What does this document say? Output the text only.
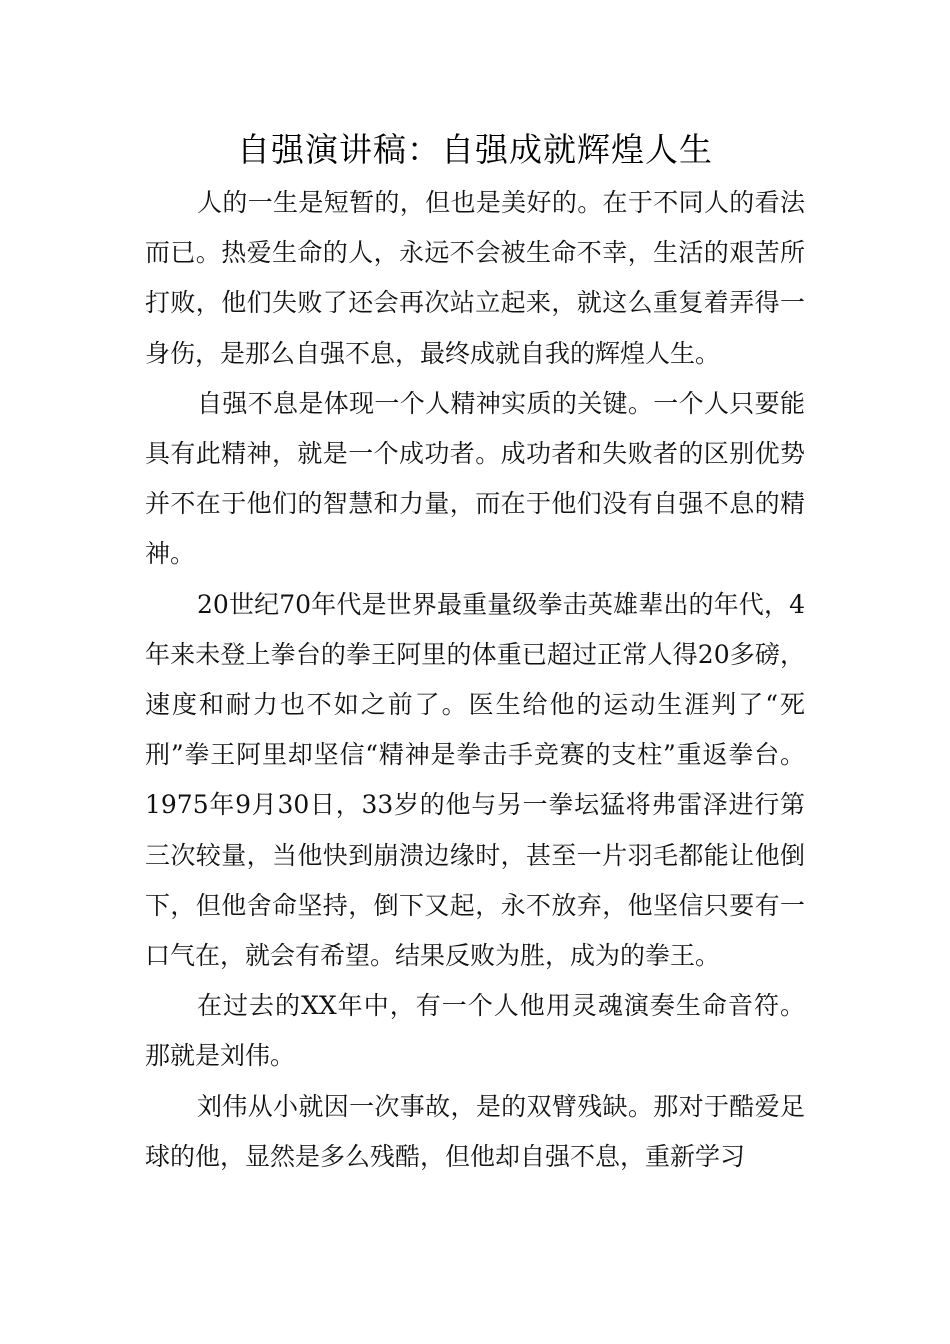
自强演讲稿：自强成就辉煌人生

人的一生是短暂的，但也是美好的。在于不同人的看法而已。热爱生命的人，永远不会被生命不幸，生活的艰苦所打败，他们失败了还会再次站立起来，就这么重复着弄得一身伤，是那么自强不息，最终成就自我的辉煌人生。

自强不息是体现一个人精神实质的关键。一个人只要能具有此精神，就是一个成功者。成功者和失败者的区别优势并不在于他们的智慧和力量，而在于他们没有自强不息的精神。

20世纪70年代是世界最重量级拳击英雄辈出的年代，4年来未登上拳台的拳王阿里的体重已超过正常人得20多磅，速度和耐力也不如之前了。医生给他的运动生涯判了“死刑”拳王阿里却坚信“精神是拳击手竞赛的支柱”重返拳台。 1975年9月30日，33岁的他与另一拳坛猛将弗雷泽进行第三次较量，当他快到崩溃边缘时，甚至一片羽毛都能让他倒下，但他舍命坚持，倒下又起，永不放弃，他坚信只要有一口气在，就会有希望。结果反败为胜，成为的拳王。

在过去的XX年中，有一个人他用灵魂演奏生命音符。那就是刘伟。

刘伟从小就因一次事故，是的双臂残缺。那对于酷爱足球的他，显然是多么残酷，但他却自强不息，重新学习
